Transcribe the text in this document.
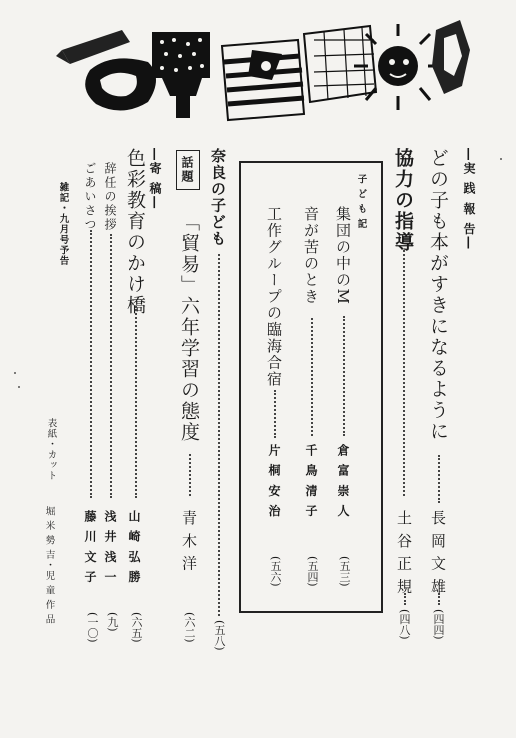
―実 践 報 告―
どの子も本がすきになるように
長 岡 文 雄
(四四)
協力の指導
土 谷 正 規
(四八)
子 ど も 記
集団の中のM
倉 富 崇 人
(五三)
音が苦のとき
千 鳥 清 子
(五四)
工作グループの臨海合宿
片 桐 安 治
(五六)
奈良の子ども
(五八)
話題
「貿易」六年学習の態度
青 木 洋
(六二)
―寄 稿―
色彩教育のかけ橋
山 崎 弘 勝
(六五)
辞任の挨拶
浅 井 浅 一
(九)
ごあいさつ
藤 川 文 子
(一〇)
雑記・九月号予告
表紙・カット
堀 米 勢 吉・児 童 作 品
